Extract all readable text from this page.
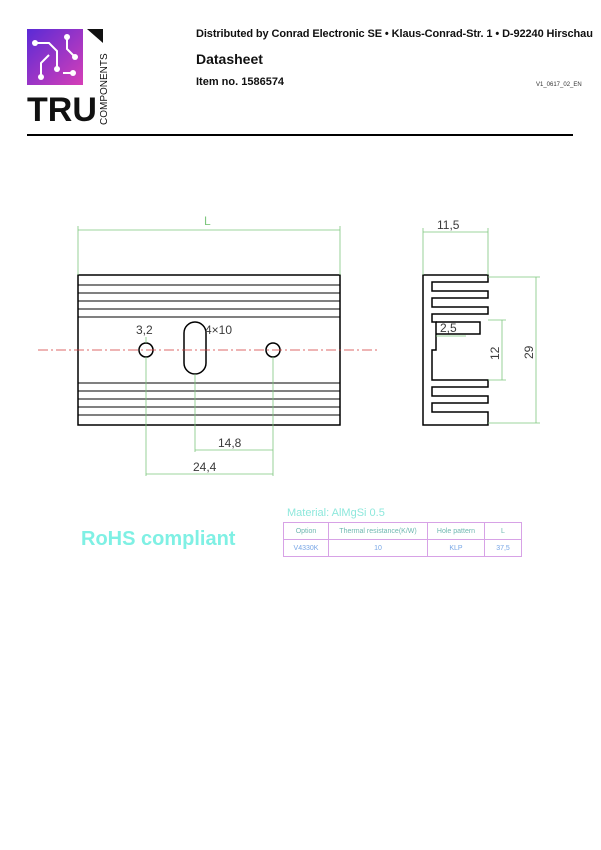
TRU COMPONENTS
Distributed by Conrad Electronic SE • Klaus-Conrad-Str. 1 • D-92240 Hirschau
Datasheet
Item no. 1586574	V1_0617_02_EN
L
3,2	4×10
14,8
24,4
11,5
2,5
12 29
RoHS compliant
Material: AlMgSi 0.5
Option	Thermal resistance(K/W)	Hole pattern	L
V4330K	10	KLP	37,5
